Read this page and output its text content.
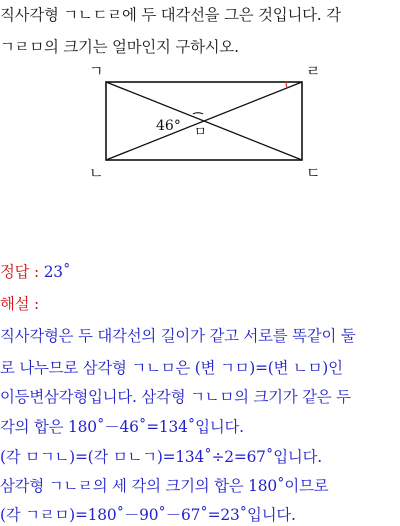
직사각형 ㄱㄴㄷㄹ에 두 대각선을 그은 것입니다. 각
ㄱㄹㅁ의 크기는 얼마인지 구하시오.
ㄱ	ㄹ
ㄴ	ㄷ
ㅁ
46°
정답 : 23˚
해설 :
직사각형은 두 대각선의 길이가 같고 서로를 똑같이 둘
로 나누므로 삼각형 ㄱㄴㅁ은 (변 ㄱㅁ)=(변 ㄴㅁ)인
이등변삼각형입니다. 삼각형 ㄱㄴㅁ의 크기가 같은 두
각의 합은 180˚－46˚=134˚입니다.
(각 ㅁㄱㄴ)=(각 ㅁㄴㄱ)=134˚÷2=67˚입니다.
삼각형 ㄱㄴㄹ의 세 각의 크기의 합은 180˚이므로
(각 ㄱㄹㅁ)=180˚－90˚－67˚=23˚입니다.
